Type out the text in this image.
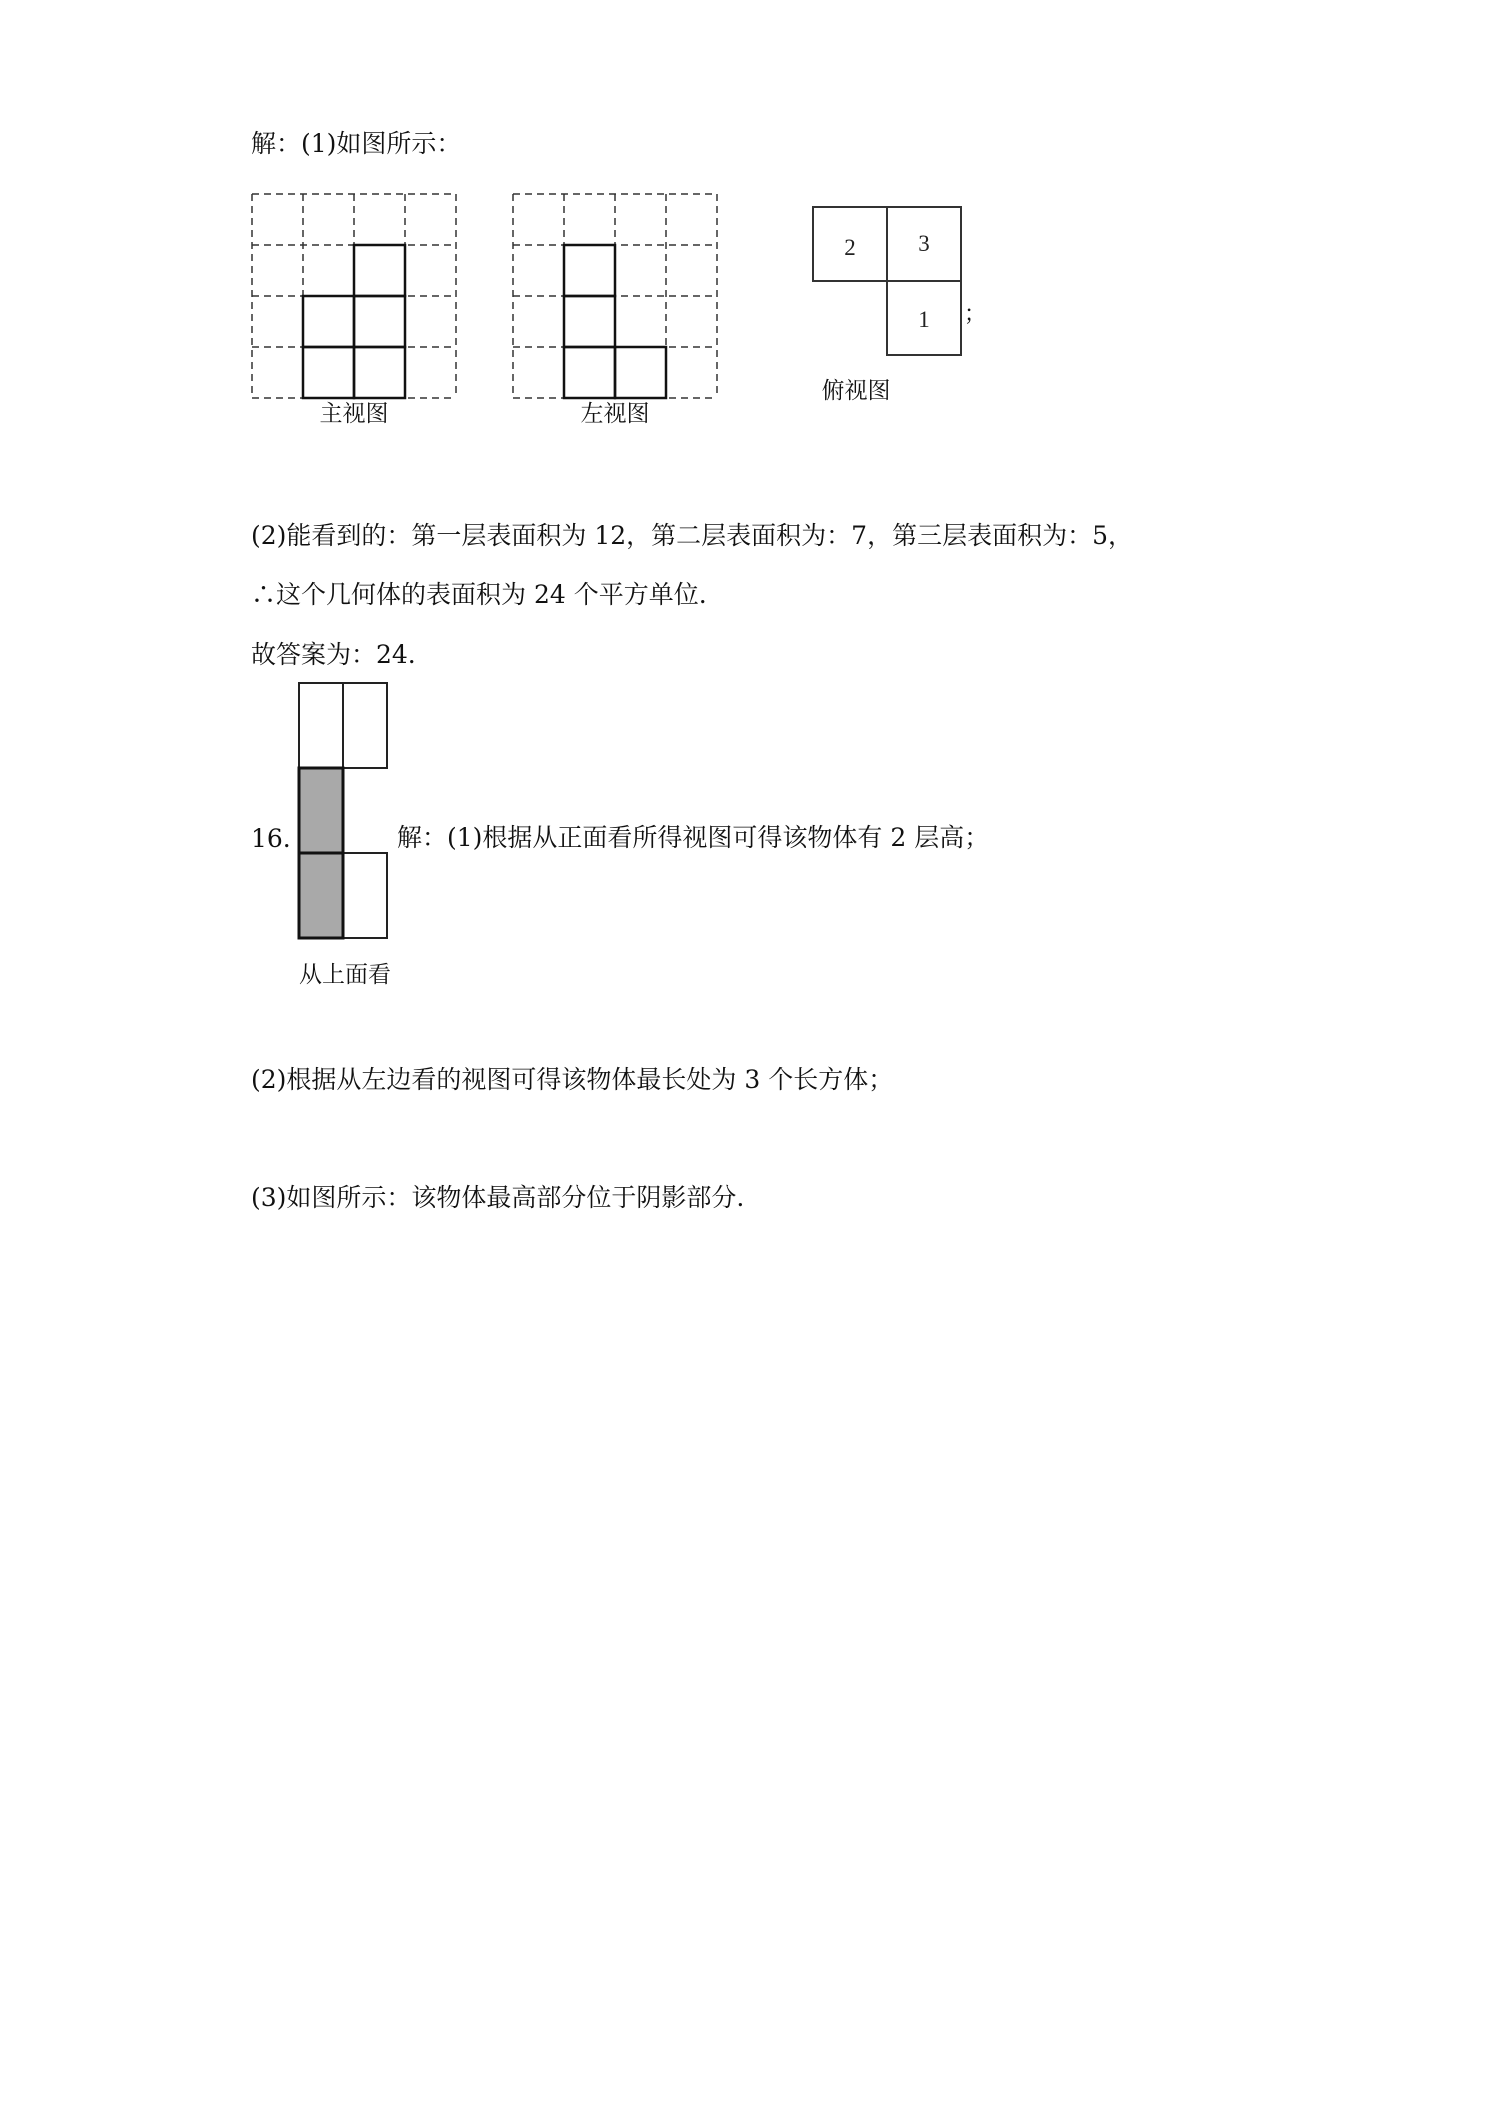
解：(1)如图所示：
主视图	左视图
2	3
1
俯视图
；
(2)能看到的：第一层表面积为 12，第二层表面积为：7，第三层表面积为：5，
∴这个几何体的表面积为 24 个平方单位.
故答案为：24.
16.
从上面看
解：(1)根据从正面看所得视图可得该物体有 2 层高；
(2)根据从左边看的视图可得该物体最长处为 3 个长方体；
(3)如图所示：该物体最高部分位于阴影部分.
